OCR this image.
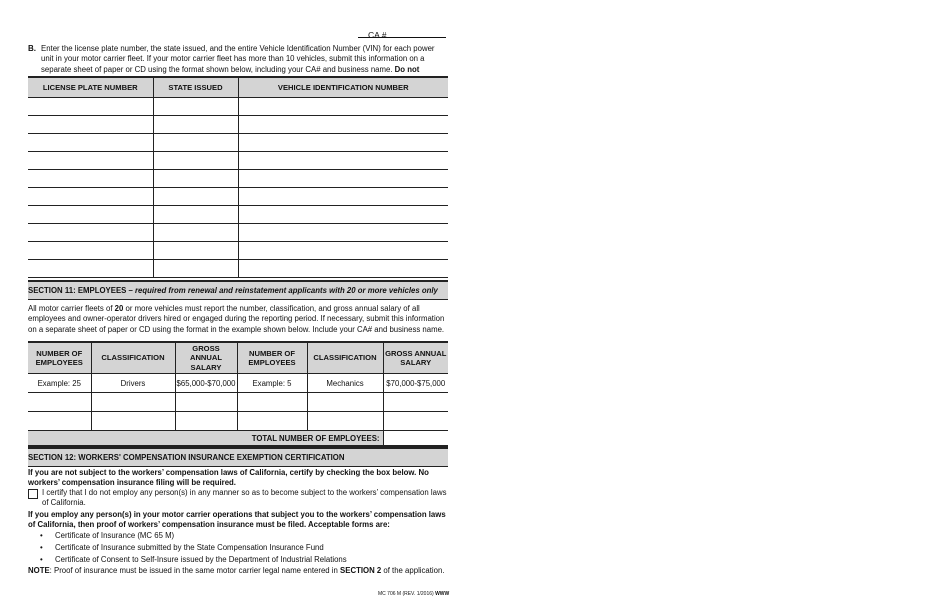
CA #
B. Enter the license plate number, the state issued, and the entire Vehicle Identification Number (VIN) for each power unit in your motor carrier fleet. If your motor carrier fleet has more than 10 vehicles, submit this information on a separate sheet of paper or CD using the format shown below, including your CA# and business name. Do not
LICENSE PLATE NUMBER	STATE ISSUED	VEHICLE IDENTIFICATION NUMBER

SECTION 11: EMPLOYEES – required from renewal and reinstatement applicants with 20 or more vehicles only
All motor carrier fleets of 20 or more vehicles must report the number, classification, and gross annual salary of all employees and owner-operator drivers hired or engaged during the reporting period. If necessary, submit this information on a separate sheet of paper or CD using the format in the example shown below. Include your CA# and business name.
NUMBER OF EMPLOYEES	CLASSIFICATION	GROSS ANNUAL SALARY	NUMBER OF EMPLOYEES	CLASSIFICATION	GROSS ANNUAL SALARY
Example: 25	Drivers	$65,000-$70,000	Example: 5	Mechanics	$70,000-$75,000

TOTAL NUMBER OF EMPLOYEES:					
SECTION 12: WORKERS' COMPENSATION INSURANCE EXEMPTION CERTIFICATION
If you are not subject to the workers’ compensation laws of California, certify by checking the box below. No workers’ compensation insurance filing will be required.
I certify that I do not employ any person(s) in any manner so as to become subject to the workers’ compensation laws of California.
If you employ any person(s) in your motor carrier operations that subject you to the workers’ compensation laws of California, then proof of workers’ compensation insurance must be filed. Acceptable forms are:
• Certificate of Insurance (MC 65 M)
• Certificate of Insurance submitted by the State Compensation Insurance Fund
• Certificate of Consent to Self-Insure issued by the Department of Industrial Relations
NOTE: Proof of insurance must be issued in the same motor carrier legal name entered in SECTION 2 of the application.
MC 706 M (REV. 1/2016) WWW
